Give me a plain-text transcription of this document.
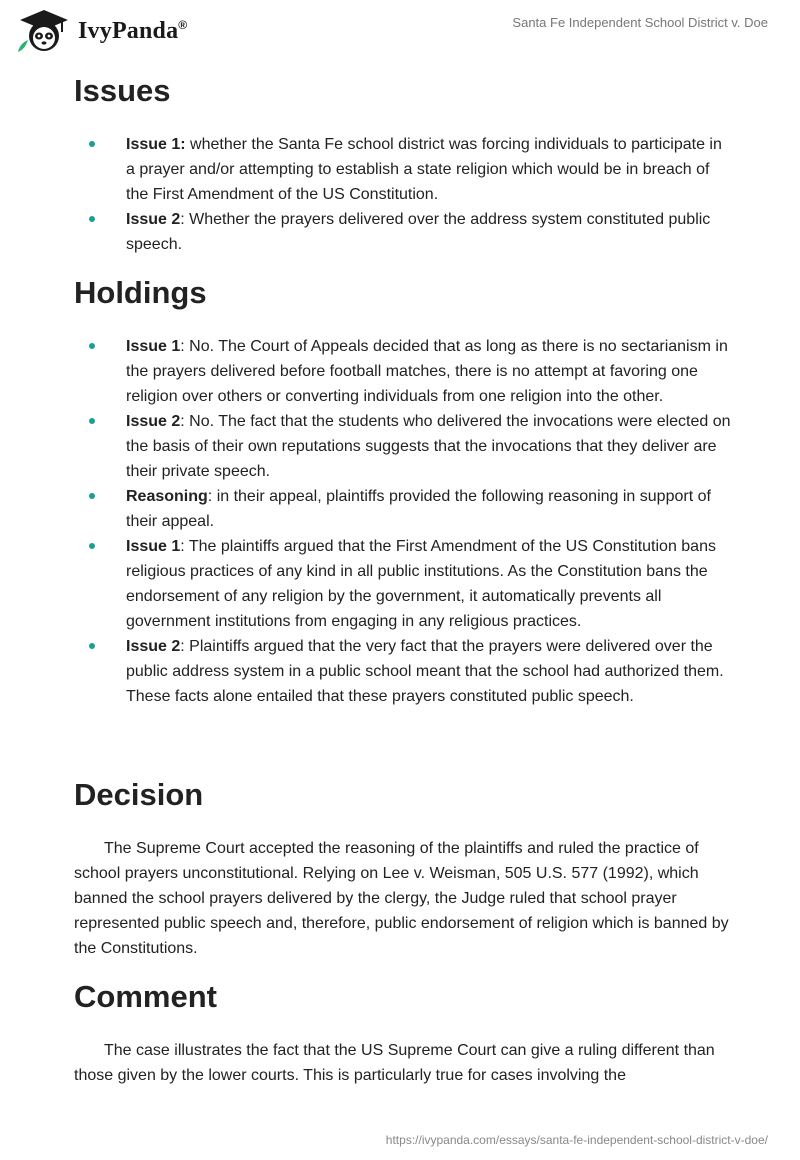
IvyPanda®	Santa Fe Independent School District v. Doe
Issues
Issue 1: whether the Santa Fe school district was forcing individuals to participate in a prayer and/or attempting to establish a state religion which would be in breach of the First Amendment of the US Constitution.
Issue 2: Whether the prayers delivered over the address system constituted public speech.
Holdings
Issue 1: No. The Court of Appeals decided that as long as there is no sectarianism in the prayers delivered before football matches, there is no attempt at favoring one religion over others or converting individuals from one religion into the other.
Issue 2: No. The fact that the students who delivered the invocations were elected on the basis of their own reputations suggests that the invocations that they deliver are their private speech.
Reasoning: in their appeal, plaintiffs provided the following reasoning in support of their appeal.
Issue 1: The plaintiffs argued that the First Amendment of the US Constitution bans religious practices of any kind in all public institutions. As the Constitution bans the endorsement of any religion by the government, it automatically prevents all government institutions from engaging in any religious practices.
Issue 2: Plaintiffs argued that the very fact that the prayers were delivered over the public address system in a public school meant that the school had authorized them. These facts alone entailed that these prayers constituted public speech.
Decision

The Supreme Court accepted the reasoning of the plaintiffs and ruled the practice of school prayers unconstitutional. Relying on Lee v. Weisman, 505 U.S. 577 (1992), which banned the school prayers delivered by the clergy, the Judge ruled that school prayer represented public speech and, therefore, public endorsement of religion which is banned by the Constitutions.

Comment

The case illustrates the fact that the US Supreme Court can give a ruling different than those given by the lower courts. This is particularly true for cases involving the

https://ivypanda.com/essays/santa-fe-independent-school-district-v-doe/
